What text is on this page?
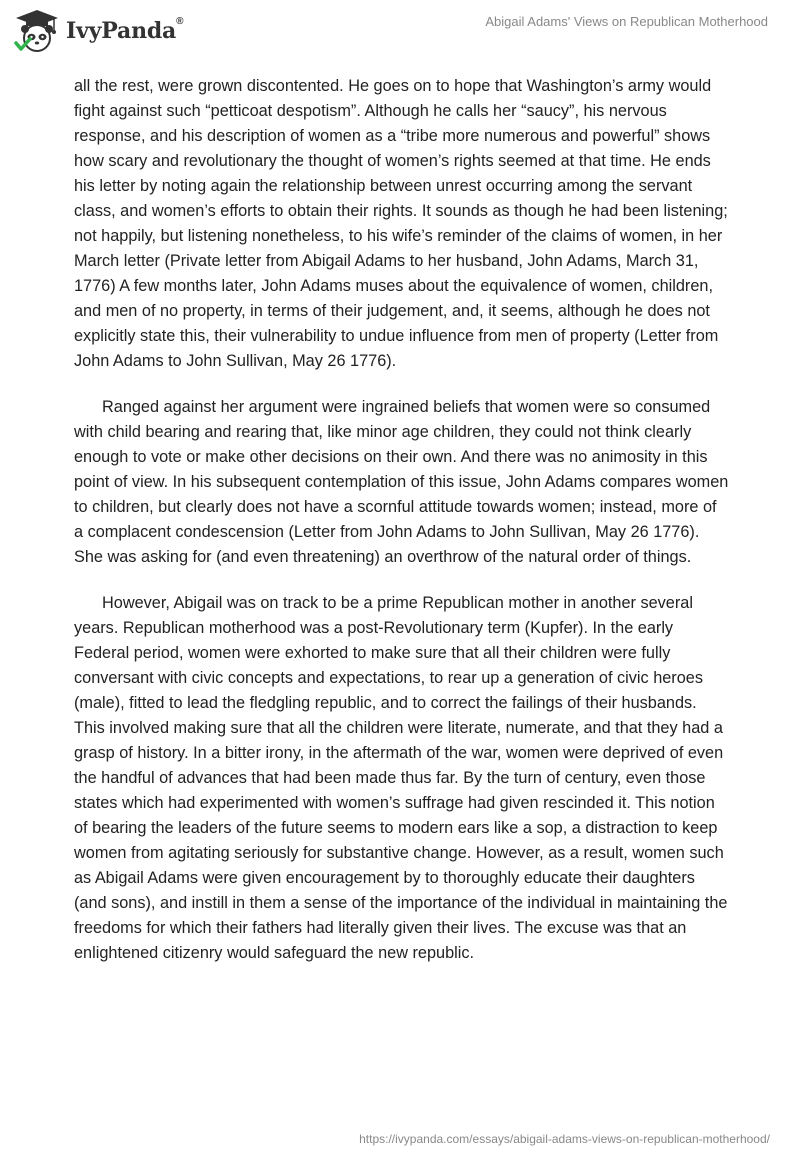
IvyPanda®	Abigail Adams' Views on Republican Motherhood

all the rest, were grown discontented. He goes on to hope that Washington’s army would fight against such “petticoat despotism”. Although he calls her “saucy”, his nervous response, and his description of women as a “tribe more numerous and powerful” shows how scary and revolutionary the thought of women’s rights seemed at that time. He ends his letter by noting again the relationship between unrest occurring among the servant class, and women’s efforts to obtain their rights. It sounds as though he had been listening; not happily, but listening nonetheless, to his wife’s reminder of the claims of women, in her March letter (Private letter from Abigail Adams to her husband, John Adams, March 31, 1776) A few months later, John Adams muses about the equivalence of women, children, and men of no property, in terms of their judgement, and, it seems, although he does not explicitly state this, their vulnerability to undue influence from men of property (Letter from John Adams to John Sullivan, May 26 1776).

Ranged against her argument were ingrained beliefs that women were so consumed with child bearing and rearing that, like minor age children, they could not think clearly enough to vote or make other decisions on their own. And there was no animosity in this point of view. In his subsequent contemplation of this issue, John Adams compares women to children, but clearly does not have a scornful attitude towards women; instead, more of a complacent condescension (Letter from John Adams to John Sullivan, May 26 1776). She was asking for (and even threatening) an overthrow of the natural order of things.

However, Abigail was on track to be a prime Republican mother in another several years. Republican motherhood was a post-Revolutionary term (Kupfer). In the early Federal period, women were exhorted to make sure that all their children were fully conversant with civic concepts and expectations, to rear up a generation of civic heroes (male), fitted to lead the fledgling republic, and to correct the failings of their husbands. This involved making sure that all the children were literate, numerate, and that they had a grasp of history. In a bitter irony, in the aftermath of the war, women were deprived of even the handful of advances that had been made thus far. By the turn of century, even those states which had experimented with women’s suffrage had given rescinded it. This notion of bearing the leaders of the future seems to modern ears like a sop, a distraction to keep women from agitating seriously for substantive change. However, as a result, women such as Abigail Adams were given encouragement by to thoroughly educate their daughters (and sons), and instill in them a sense of the importance of the individual in maintaining the freedoms for which their fathers had literally given their lives. The excuse was that an enlightened citizenry would safeguard the new republic.

https://ivypanda.com/essays/abigail-adams-views-on-republican-motherhood/
